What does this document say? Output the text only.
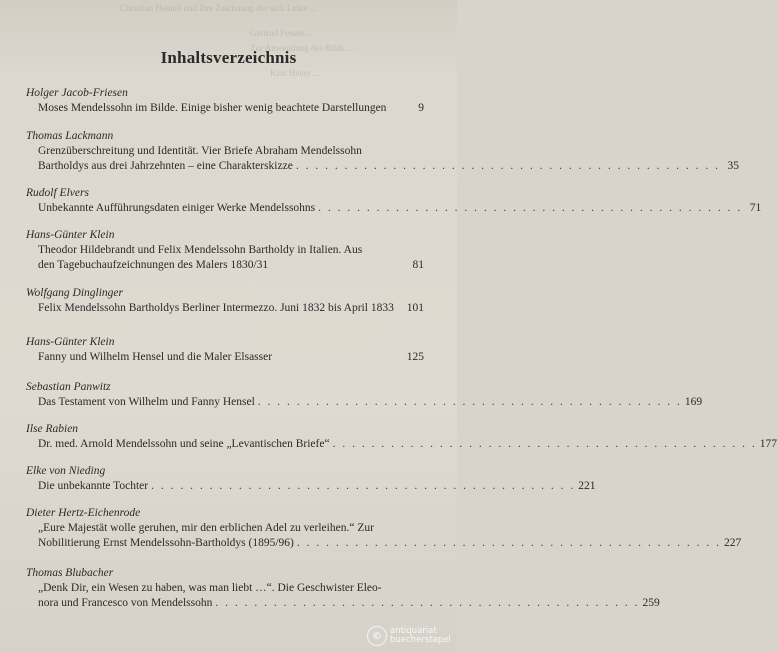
Christian Hennel und ihre Zeichnung der sich Lehre ...
Gertrud Fessen ...
Zur Anwendung des Bilds ...
Kurt Heuer ...
Inhaltsverzeichnis
Holger Jacob-Friesen
Moses Mendelssohn im Bilde. Einige bisher wenig beachtete Darstellungen	9
Thomas Lackmann
Grenzüberschreitung und Identität. Vier Briefe Abraham Mendelssohn
Bartholdys aus drei Jahrzehnten – eine Charakterskizze . . . . . . . . . . . . . . . . . . . . . . . . . . . . . . . . . . . . . . . . . . . . 35
Rudolf Elvers
Unbekannte Aufführungsdaten einiger Werke Mendelssohns . . . . . . . . . . . . . . . . . . . . . . . . . . . . . . . . . . . . . . . . . . . . 71
Hans-Günter Klein
Theodor Hildebrandt und Felix Mendelssohn Bartholdy in Italien. Aus
den Tagebuchaufzeichnungen des Malers 1830/31	81
Wolfgang Dinglinger
Felix Mendelssohn Bartholdys Berliner Intermezzo. Juni 1832 bis April 1833 101
Hans-Günter Klein
Fanny und Wilhelm Hensel und die Maler Elsasser	125
Sebastian Panwitz
Das Testament von Wilhelm und Fanny Hensel . . . . . . . . . . . . . . . . . . . . . . . . . . . . . . . . . . . . . . . . . . . . 169
Ilse Rabien
Dr. med. Arnold Mendelssohn und seine „Levantischen Briefe“ . . . . . . . . . . . . . . . . . . . . . . . . . . . . . . . . . . . . . . . . . . . . 177
Elke von Nieding
Die unbekannte Tochter . . . . . . . . . . . . . . . . . . . . . . . . . . . . . . . . . . . . . . . . . . . . 221
Dieter Hertz-Eichenrode
„Eure Majestät wolle geruhen, mir den erblichen Adel zu verleihen.“ Zur
Nobilitierung Ernst Mendelssohn-Bartholdys (1895/96) . . . . . . . . . . . . . . . . . . . . . . . . . . . . . . . . . . . . . . . . . . . . 227
Thomas Blubacher
„Denk Dir, ein Wesen zu haben, was man liebt …“. Die Geschwister Eleo-
nora und Francesco von Mendelssohn . . . . . . . . . . . . . . . . . . . . . . . . . . . . . . . . . . . . . . . . . . . . 259
© antiquariat
buecherstapel
